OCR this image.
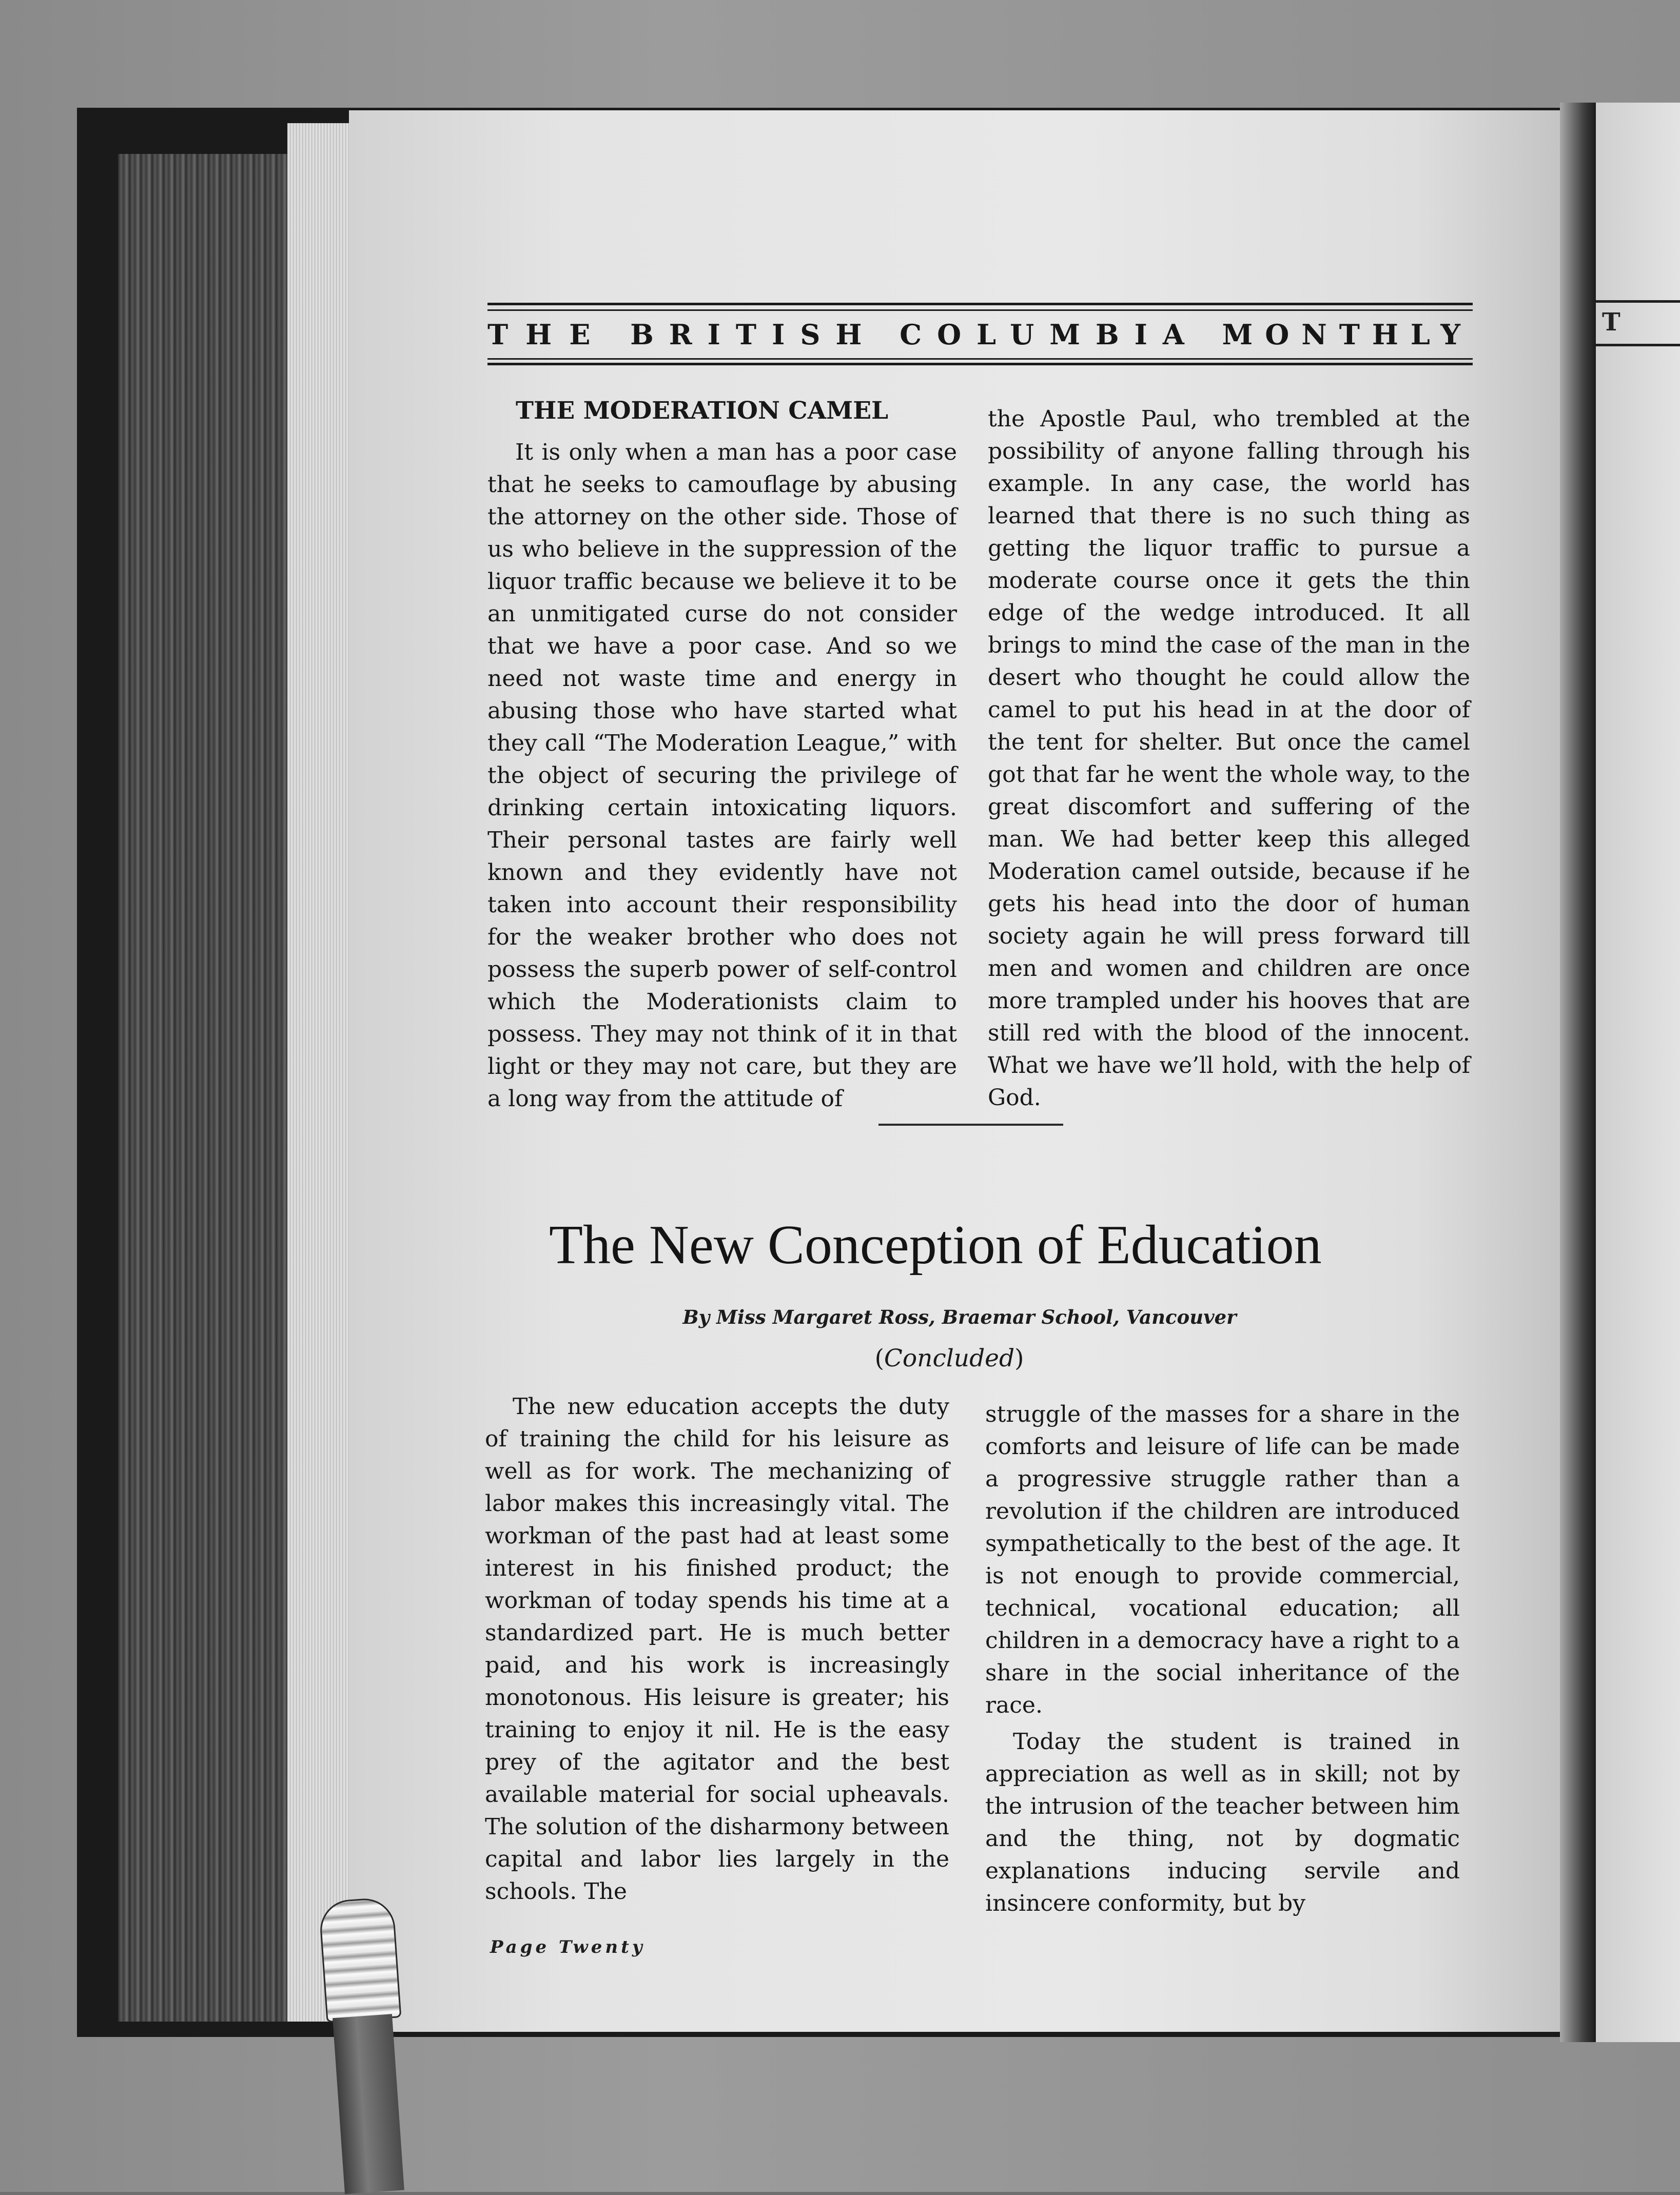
T
THE BRITISH COLUMBIA MONTHLY
THE MODERATION CAMEL

It is only when a man has a poor case that he seeks to camouflage by abusing the attorney on the other side. Those of us who believe in the suppression of the liquor traffic because we believe it to be an unmitigated curse do not consider that we have a poor case. And so we need not waste time and energy in abusing those who have started what they call “The Moderation League,” with the object of securing the privilege of drinking certain intoxicating liquors. Their personal tastes are fairly well known and they evidently have not taken into account their responsibility for the weaker brother who does not possess the superb power of self-control which the Moderationists claim to possess. They may not think of it in that light or they may not care, but they are a long way from the attitude of

the Apostle Paul, who trembled at the possibility of anyone falling through his example. In any case, the world has learned that there is no such thing as getting the liquor traffic to pursue a moderate course once it gets the thin edge of the wedge introduced. It all brings to mind the case of the man in the desert who thought he could allow the camel to put his head in at the door of the tent for shelter. But once the camel got that far he went the whole way, to the great discomfort and suffering of the man. We had better keep this alleged Moderation camel outside, because if he gets his head into the door of human society again he will press forward till men and women and children are once more trampled under his hooves that are still red with the blood of the innocent. What we have we’ll hold, with the help of God.

The New Conception of Education
By Miss Margaret Ross, Braemar School, Vancouver
(Concluded)

The new education accepts the duty of training the child for his leisure as well as for work. The mechanizing of labor makes this increasingly vital. The workman of the past had at least some interest in his finished product; the workman of today spends his time at a standardized part. He is much better paid, and his work is increasingly monotonous. His leisure is greater; his training to enjoy it nil. He is the easy prey of the agitator and the best available material for social upheavals. The solution of the disharmony between capital and labor lies largely in the schools. The

struggle of the masses for a share in the comforts and leisure of life can be made a progressive struggle rather than a revolution if the children are introduced sympathetically to the best of the age. It is not enough to provide commercial, technical, vocational education; all children in a democracy have a right to a share in the social inheritance of the race.

Today the student is trained in appreciation as well as in skill; not by the intrusion of the teacher between him and the thing, not by dogmatic explanations inducing servile and insincere conformity, but by

Page Twenty
